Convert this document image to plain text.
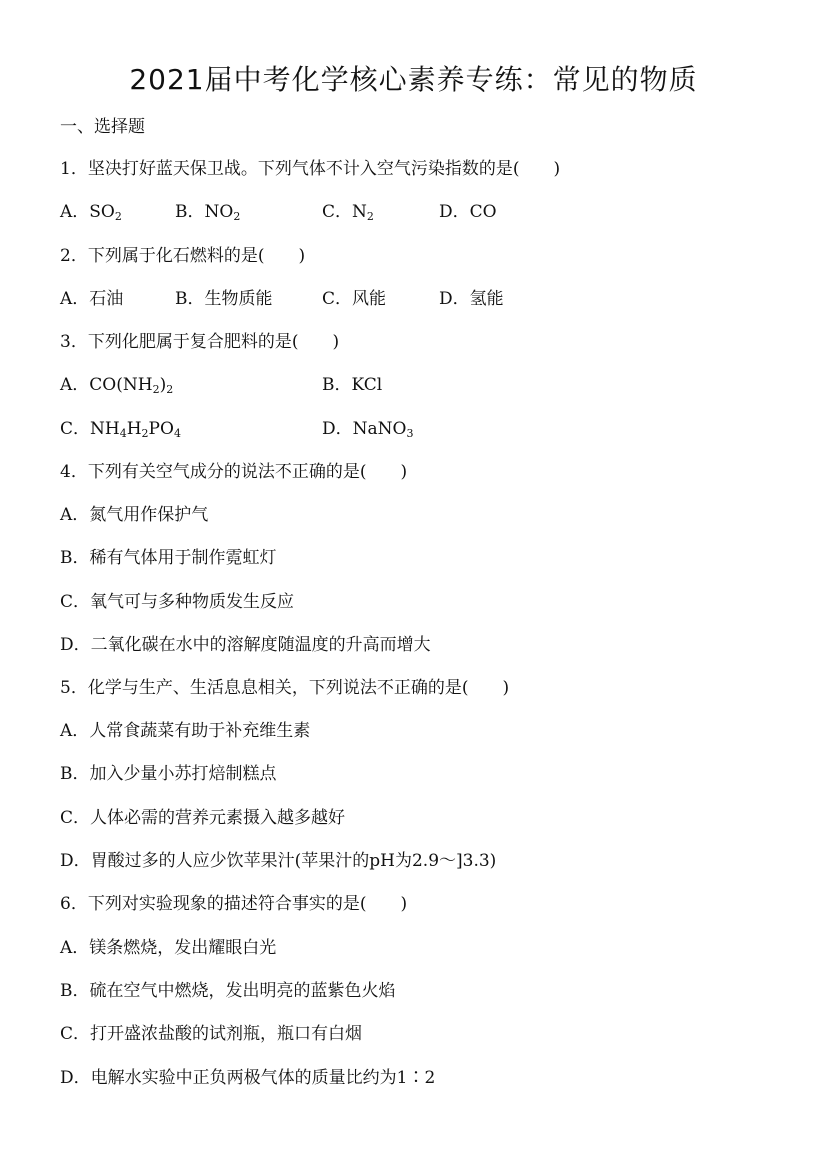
2021届中考化学核心素养专练：常见的物质
一、选择题
1．坚决打好蓝天保卫战。下列气体不计入空气污染指数的是(　　)
A．$SO_2$	B．$NO_2$	C．$N_2$	D．CO
2．下列属于化石燃料的是(　　)
A．石油	B．生物质能	C．风能	D．氢能
3．下列化肥属于复合肥料的是(　　)
A．$CO(NH_2)_2$	B．KCl
C．$NH_4H_2PO_4$	D．NaNO$_3$
4．下列有关空气成分的说法不正确的是(　　)
A．氮气用作保护气
B．稀有气体用于制作霓虹灯
C．氧气可与多种物质发生反应
D．二氧化碳在水中的溶解度随温度的升高而增大
5．化学与生产、生活息息相关，下列说法不正确的是(　　)
A．人常食蔬菜有助于补充维生素
B．加入少量小苏打焙制糕点
C．人体必需的营养元素摄入越多越好
D．胃酸过多的人应少饮苹果汁(苹果汁的pH为2.9～]3.3)
6．下列对实验现象的描述符合事实的是(　　)
A．镁条燃烧，发出耀眼白光
B．硫在空气中燃烧，发出明亮的蓝紫色火焰
C．打开盛浓盐酸的试剂瓶，瓶口有白烟
D．电解水实验中正负两极气体的质量比约为1∶2
